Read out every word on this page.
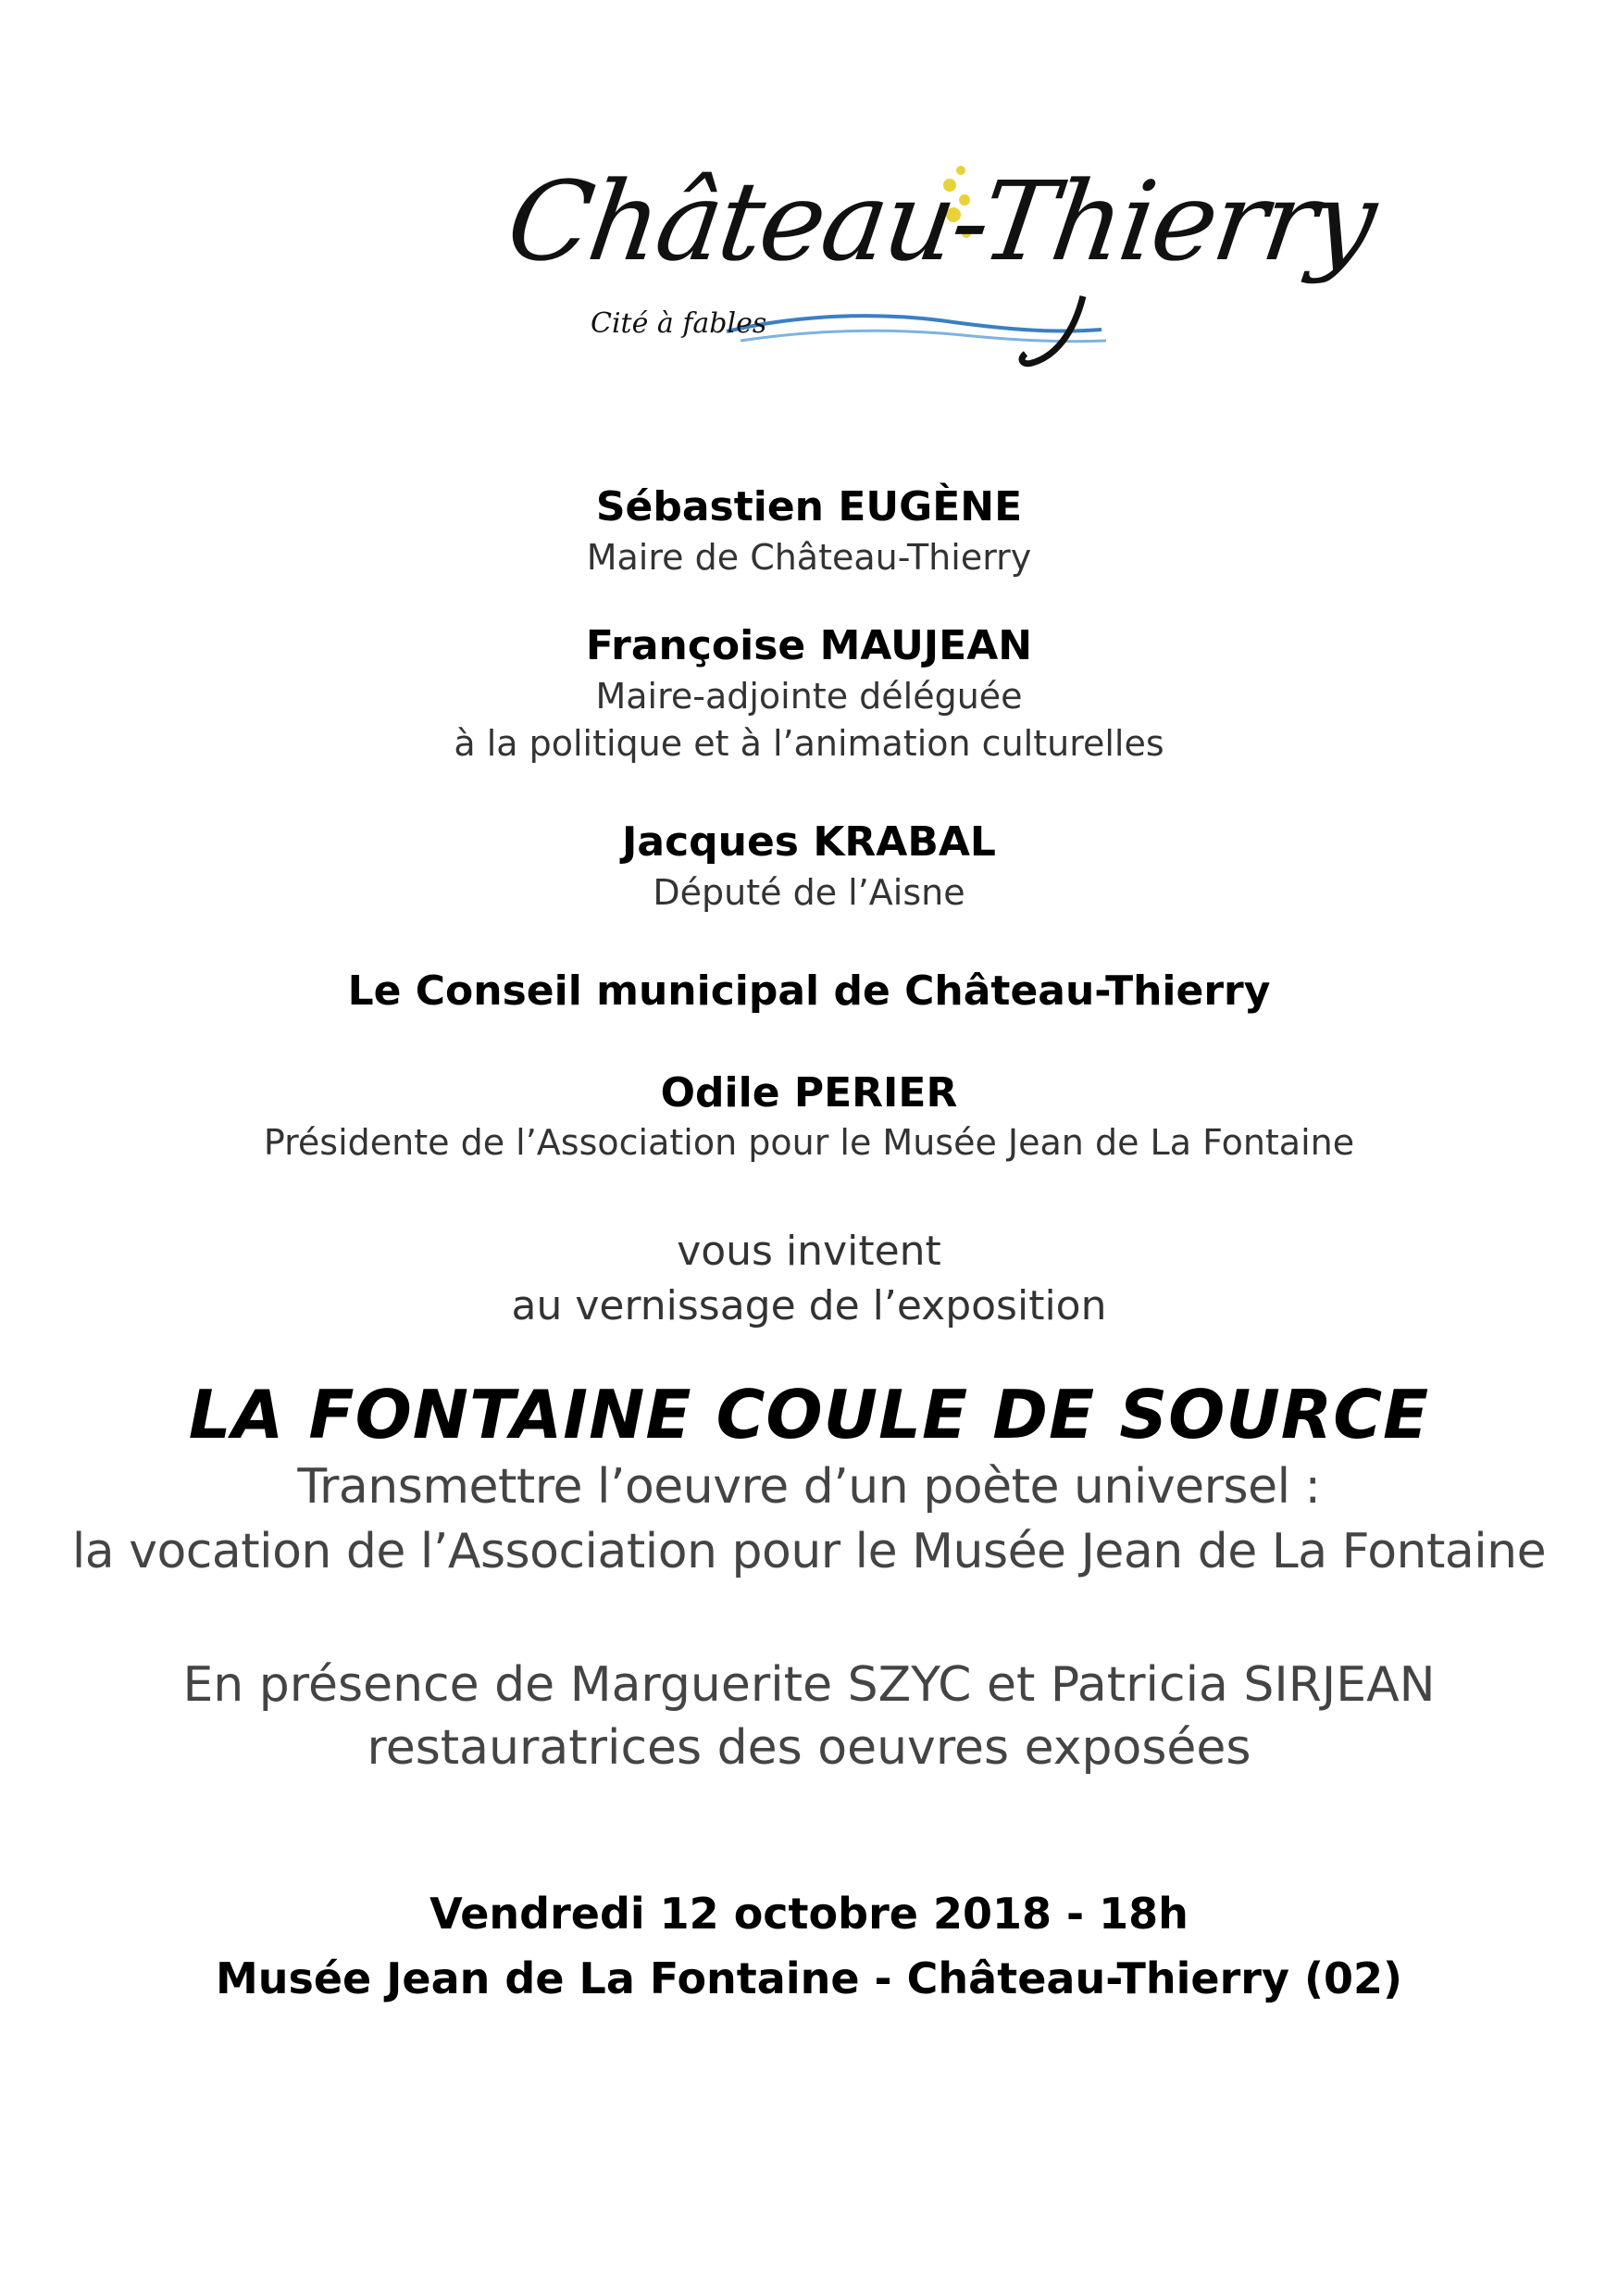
Château-Thierry
Cité à fables
Sébastien EUGÈNE
Maire de Château-Thierry
Françoise MAUJEAN
Maire-adjointe déléguée
à la politique et à l’animation culturelles
Jacques KRABAL
Député de l’Aisne
Le Conseil municipal de Château-Thierry
Odile PERIER
Présidente de l’Association pour le Musée Jean de La Fontaine
vous invitent
au vernissage de l’exposition
LA FONTAINE COULE DE SOURCE
Transmettre l’oeuvre d’un poète universel :
la vocation de l’Association pour le Musée Jean de La Fontaine
En présence de Marguerite SZYC et Patricia SIRJEAN
restauratrices des oeuvres exposées
Vendredi 12 octobre 2018 - 18h
Musée Jean de La Fontaine - Château-Thierry (02)
